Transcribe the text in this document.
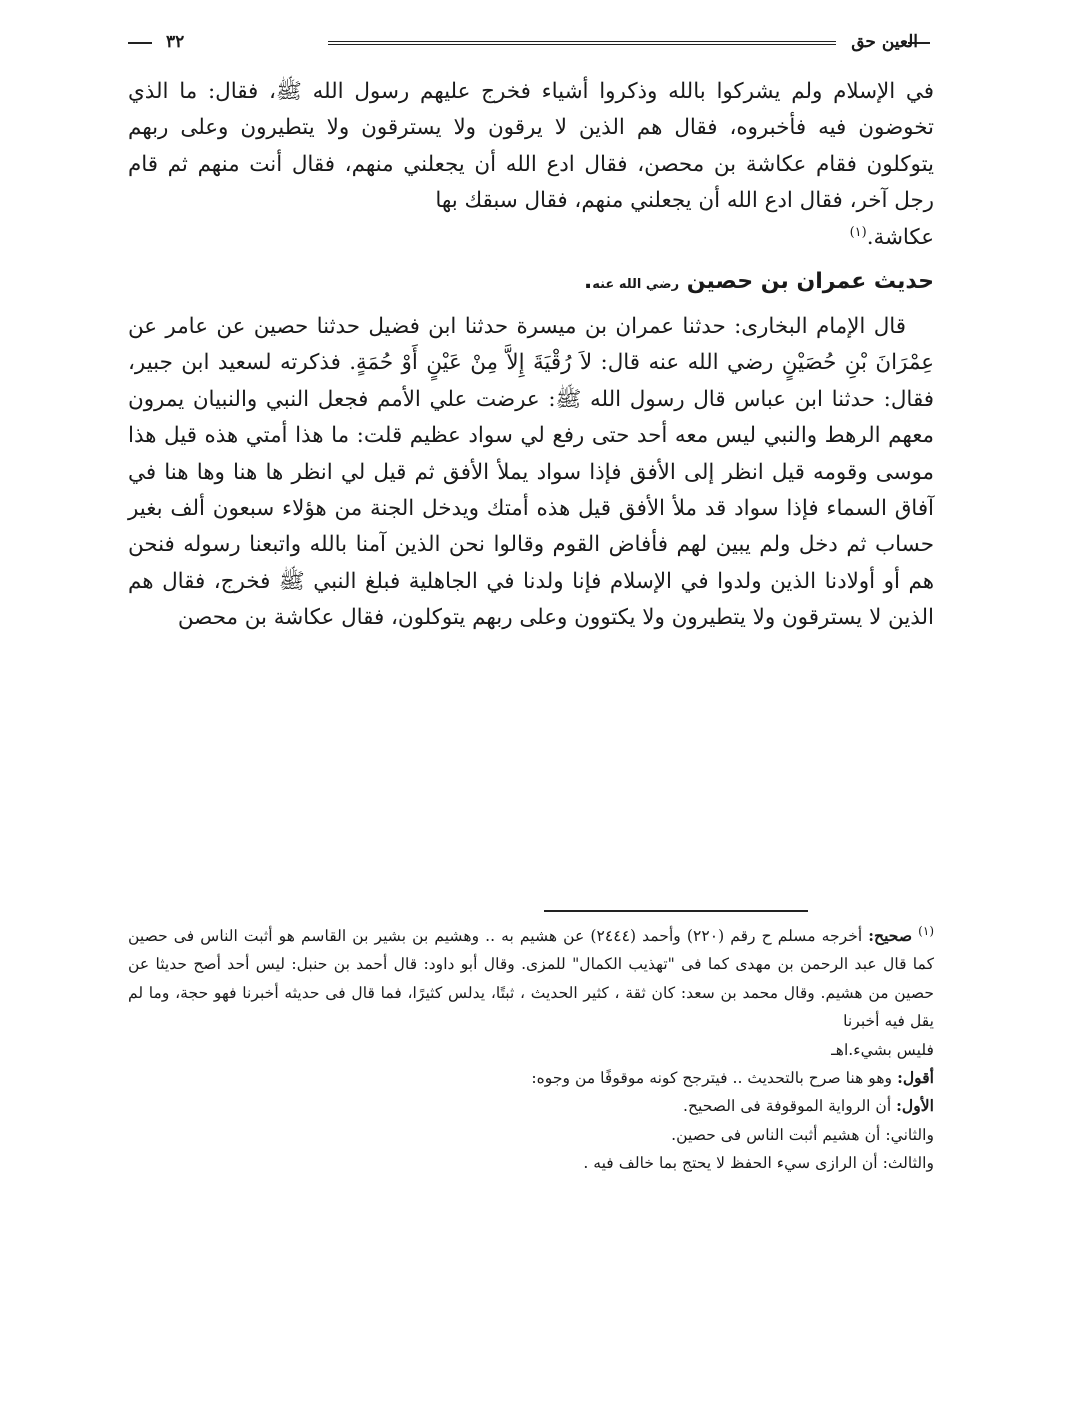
العين حق
٣٢

في الإسلام ولم يشركوا بالله وذكروا أشياء فخرج عليهم رسول الله ﷺ، فقال: ما الذي تخوضون فيه فأخبروه، فقال هم الذين لا يرقون ولا يسترقون ولا يتطيرون وعلى ربهم يتوكلون فقام عكاشة بن محصن، فقال ادع الله أن يجعلني منهم، فقال أنت منهم ثم قام رجل آخر، فقال ادع الله أن يجعلني منهم، فقال سبقك بها

عكاشة.$^{(١)}$

حديث عمران بن حصين رضي الله عنه.

قال الإمام البخارى: حدثنا عمران بن ميسرة حدثنا ابن فضيل حدثنا حصين عن عامر عن عِمْرَانَ بْنِ حُصَيْنٍ رضي الله عنه قال: لاَ رُقْيَةَ إِلاَّ مِنْ عَيْنٍ أَوْ حُمَةٍ. فذكرته لسعيد ابن جبير، فقال: حدثنا ابن عباس قال رسول الله ﷺ: عرضت علي الأمم فجعل النبي والنبيان يمرون معهم الرهط والنبي ليس معه أحد حتى رفع لي سواد عظيم قلت: ما هذا أمتي هذه قيل هذا موسى وقومه قيل انظر إلى الأفق فإذا سواد يملأ الأفق ثم قيل لي انظر ها هنا وها هنا في آفاق السماء فإذا سواد قد ملأ الأفق قيل هذه أمتك ويدخل الجنة من هؤلاء سبعون ألف بغير حساب ثم دخل ولم يبين لهم فأفاض القوم وقالوا نحن الذين آمنا بالله واتبعنا رسوله فنحن هم أو أولادنا الذين ولدوا في الإسلام فإنا ولدنا في الجاهلية فبلغ النبي ﷺ فخرج، فقال هم الذين لا يسترقون ولا يتطيرون ولا يكتوون وعلى ربهم يتوكلون، فقال عكاشة بن محصن

$^{(١)}$ صحيح: أخرجه مسلم ح رقم (٢٢٠) وأحمد (٢٤٤٤) عن هشيم به .. وهشيم بن بشير بن القاسم هو أثبت الناس فى حصين كما قال عبد الرحمن بن مهدى كما فى "تهذيب الكمال" للمزى. وقال أبو داود: قال أحمد بن حنبل: ليس أحد أصح حديثا عن حصين من هشيم. وقال محمد بن سعد: كان ثقة ، كثير الحديث ، ثبتًا، يدلس كثيرًا، فما قال فى حديثه أخبرنا فهو حجة، وما لم يقل فيه أخبرنا

فليس بشيء.اهـ

أقول: وهو هنا صرح بالتحديث .. فيترجح كونه موقوفًا من وجوه:

الأول: أن الرواية الموقوفة فى الصحيح.

والثاني: أن هشيم أثبت الناس فى حصين.

والثالث: أن الرازى سيء الحفظ لا يحتج بما خالف فيه .
